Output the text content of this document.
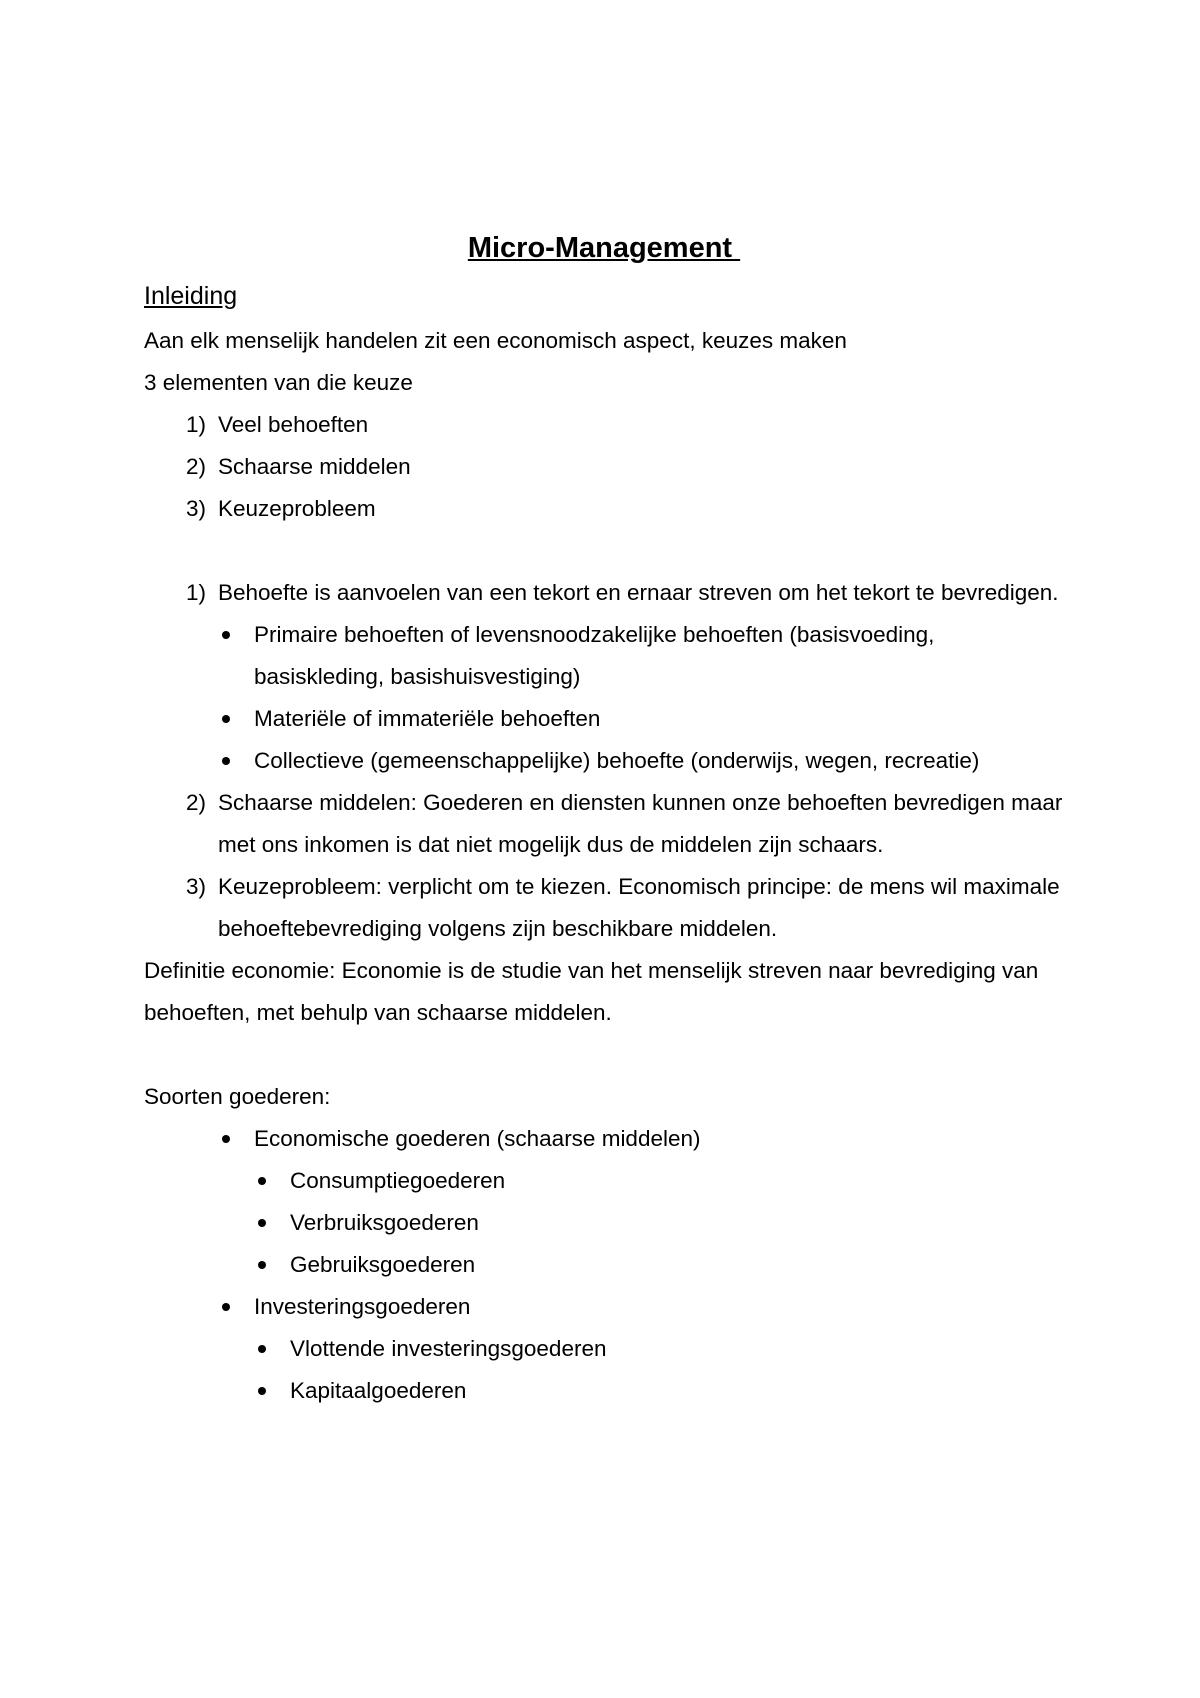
Micro-Management
Inleiding

Aan elk menselijk handelen zit een economisch aspect, keuzes maken

3 elementen van die keuze

1) Veel behoeften
2) Schaarse middelen
3) Keuzeprobleem
1) Behoefte is aanvoelen van een tekort en ernaar streven om het tekort te bevredigen.
Primaire behoeften of levensnoodzakelijke behoeften (basisvoeding, basiskleding, basishuisvestiging)
Materiële of immateriële behoeften
Collectieve (gemeenschappelijke) behoefte (onderwijs, wegen, recreatie)
2) Schaarse middelen: Goederen en diensten kunnen onze behoeften bevredigen maar met ons inkomen is dat niet mogelijk dus de middelen zijn schaars.
3) Keuzeprobleem: verplicht om te kiezen. Economisch principe: de mens wil maximale behoeftebevrediging volgens zijn beschikbare middelen.

Definitie economie: Economie is de studie van het menselijk streven naar bevrediging van behoeften, met behulp van schaarse middelen.

Soorten goederen:

Economische goederen (schaarse middelen)
Consumptiegoederen
Verbruiksgoederen
Gebruiksgoederen
Investeringsgoederen
Vlottende investeringsgoederen
Kapitaalgoederen
